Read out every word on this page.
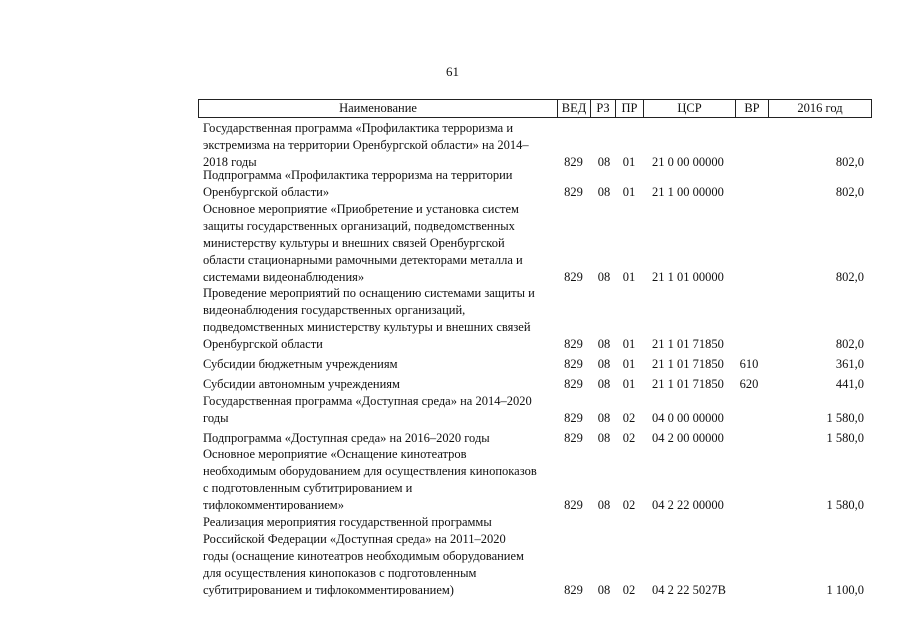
61
Наименование	ВЕД РЗ ПР	ЦСР	ВР	2016 год
Государственная программа «Профилактика терроризма и
экстремизма на территории Оренбургской области» на 2014–
2018 годы	829 08 01 21 0 00 00000	802,0
Подпрограмма «Профилактика терроризма на территории
Оренбургской области»	829 08 01 21 1 00 00000	802,0
Основное мероприятие «Приобретение и установка систем
защиты государственных организаций, подведомственных
министерству культуры и внешних связей Оренбургской
области стационарными рамочными детекторами металла и
системами видеонаблюдения»	829 08 01 21 1 01 00000	802,0
Проведение мероприятий по оснащению системами защиты и
видеонаблюдения государственных организаций,
подведомственных министерству культуры и внешних связей
Оренбургской области	829 08 01 21 1 01 71850	802,0
Субсидии бюджетным учреждениям	829 08 01 21 1 01 71850	610	361,0
Субсидии автономным учреждениям	829 08 01 21 1 01 71850	620	441,0
Государственная программа «Доступная среда» на 2014–2020
годы	829 08 02 04 0 00 00000	1 580,0
Подпрограмма «Доступная среда» на 2016–2020 годы	829 08 02 04 2 00 00000	1 580,0
Основное мероприятие «Оснащение кинотеатров
необходимым оборудованием для осуществления кинопоказов
с подготовленным субтитрированием и
тифлокомментированием»	829 08 02 04 2 22 00000	1 580,0
Реализация мероприятия государственной программы
Российской Федерации «Доступная среда» на 2011–2020
годы (оснащение кинотеатров необходимым оборудованием
для осуществления кинопоказов с подготовленным
субтитрированием и тифлокомментированием)	829 08 02 04 2 22 5027В	1 100,0
